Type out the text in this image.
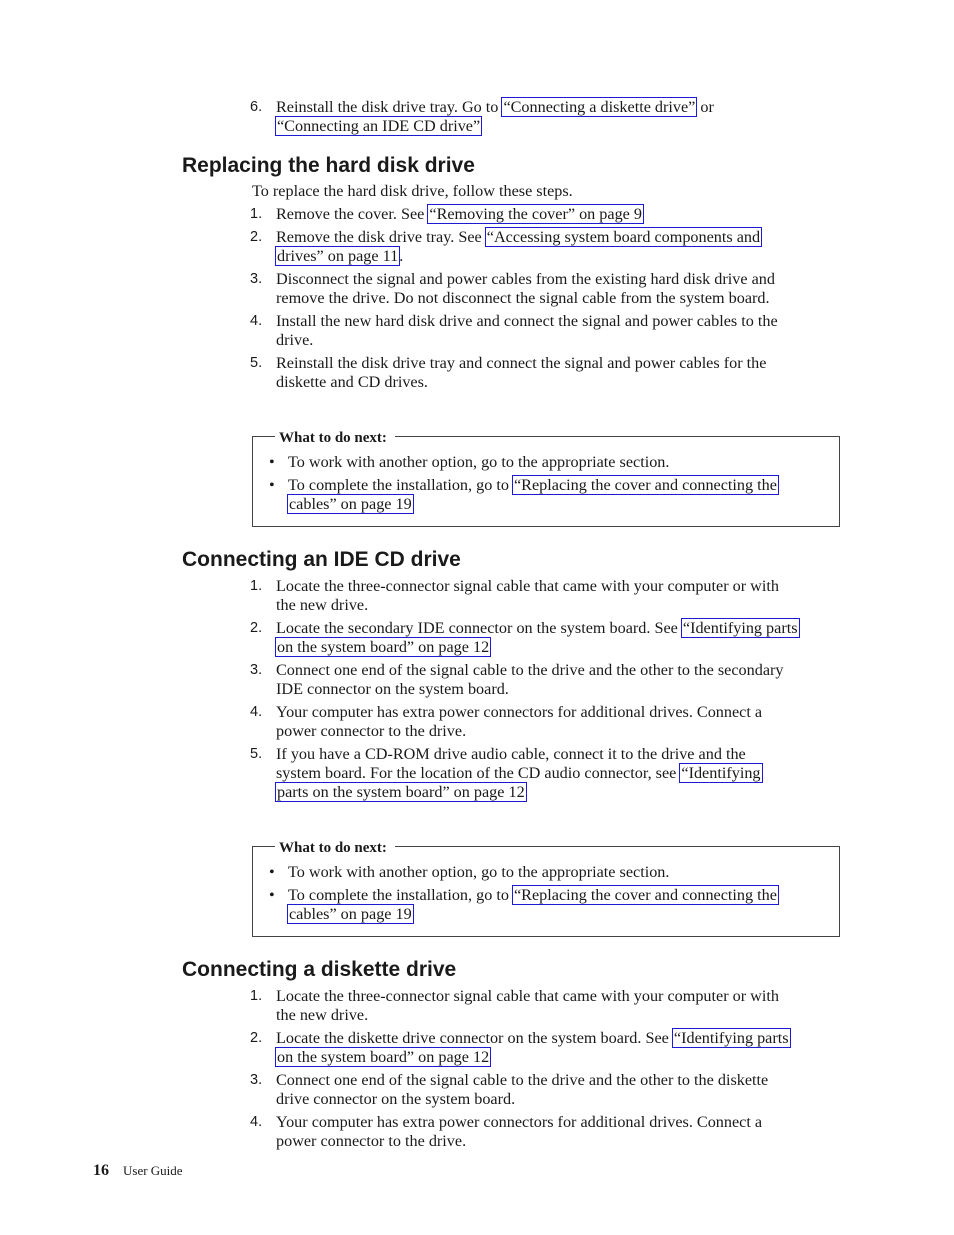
6. Reinstall the disk drive tray. Go to “Connecting a diskette drive” or
“Connecting an IDE CD drive”
Replacing the hard disk drive

To replace the hard disk drive, follow these steps.

1. Remove the cover. See “Removing the cover” on page 9
2. Remove the disk drive tray. See “Accessing system board components and
drives” on page 11.
3. Disconnect the signal and power cables from the existing hard disk drive and
remove the drive. Do not disconnect the signal cable from the system board.
4. Install the new hard disk drive and connect the signal and power cables to the
drive.
5. Reinstall the disk drive tray and connect the signal and power cables for the
diskette and CD drives.
What to do next:
• To work with another option, go to the appropriate section.
• To complete the installation, go to “Replacing the cover and connecting the
cables” on page 19
Connecting an IDE CD drive
1. Locate the three-connector signal cable that came with your computer or with
the new drive.
2. Locate the secondary IDE connector on the system board. See “Identifying parts
on the system board” on page 12
3. Connect one end of the signal cable to the drive and the other to the secondary
IDE connector on the system board.
4. Your computer has extra power connectors for additional drives. Connect a
power connector to the drive.
5. If you have a CD-ROM drive audio cable, connect it to the drive and the
system board. For the location of the CD audio connector, see “Identifying
parts on the system board” on page 12
What to do next:
• To work with another option, go to the appropriate section.
• To complete the installation, go to “Replacing the cover and connecting the
cables” on page 19
Connecting a diskette drive
1. Locate the three-connector signal cable that came with your computer or with
the new drive.
2. Locate the diskette drive connector on the system board. See “Identifying parts
on the system board” on page 12
3. Connect one end of the signal cable to the drive and the other to the diskette
drive connector on the system board.
4. Your computer has extra power connectors for additional drives. Connect a
power connector to the drive.
16 User Guide
